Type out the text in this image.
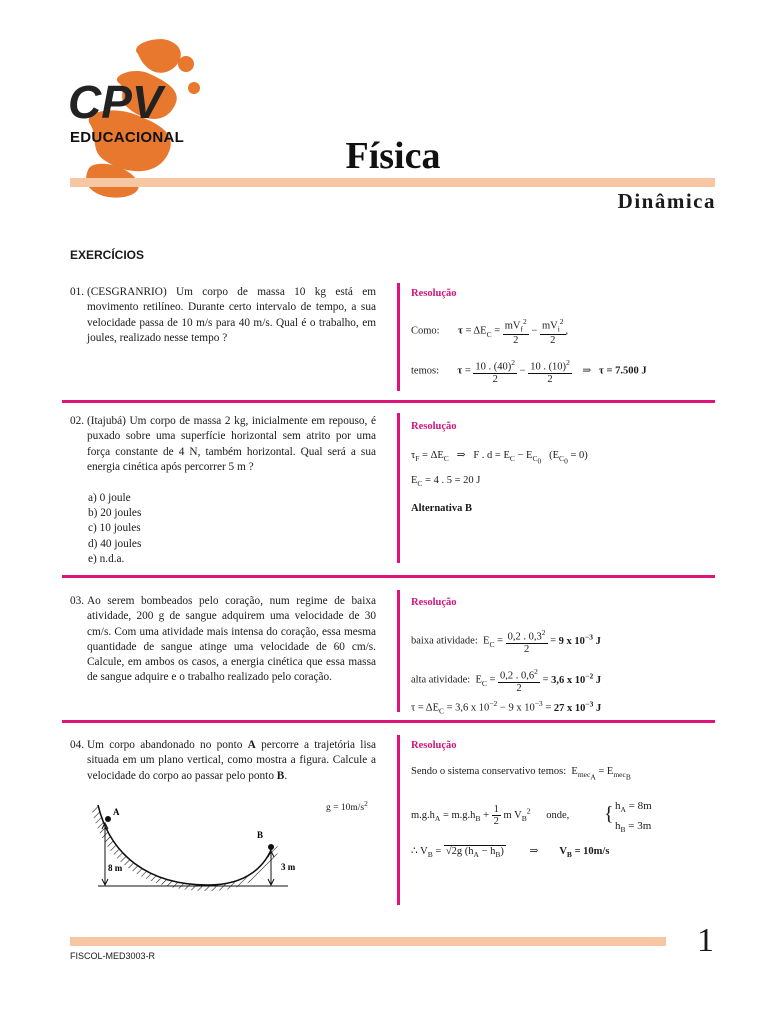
CPV
EDUCACIONAL	Física
Dinâmica
EXERCÍCIOS
01. (CESGRANRIO) Um corpo de massa 10 kg está em movimento retilíneo. Durante certo intervalo de tempo, a sua velocidade passa de 10 m/s para 40 m/s. Qual é o trabalho, em joules, realizado nesse tempo ?
Resolução
Como: $\tau = \Delta E_C = \frac{mV_f^2}{2} - \frac{mV_i^2}{2}$ ,
temos: $\tau = \frac{10 . (40)^2}{2} - \frac{10 . (10)^2}{2}$ ⇒   τ = 7.500 J
02. (Itajubá) Um corpo de massa 2 kg, inicialmente em repouso, é puxado sobre uma superfície horizontal sem atrito por uma força constante de 4 N, também horizontal. Qual será a sua energia cinética após percorrer 5 m ?
a) 0 joule
b) 20 joules
c) 10 joules
d) 40 joules
e) n.d.a.
Resolução
$\tau_F = \Delta E_C$   ⇒   F . $d = E_C - E_{C_0}$   $(E_{C_0} = 0)$
$E_C = 4$ . 5 = 20 J
Alternativa B
03. Ao serem bombeados pelo coração, num regime de baixa atividade, 200 g de sangue adquirem uma velocidade de 30 cm/s. Com uma atividade mais intensa do coração, essa mesma quantidade de sangue atinge uma velocidade de 60 cm/s. Calcule, em ambos os casos, a energia cinética que essa massa de sangue adquire e o trabalho realizado pelo coração.
Resolução
baixa atividade:  $E_C = \frac{0,2 . 0,3^2}{2} = 9$ x $10^{-3}$ J
alta atividade:  $E_C = \frac{0,2 . 0,6^2}{2} = 3,6$ x $10^{-2}$ J
$\tau = \Delta E_C = 3,6$ x $10^{-2} - 9$ x $10^{-3} = 27$ x $10^{-3}$ J
04. Um corpo abandonado no ponto A percorre a trajetória lisa situada em um plano vertical, como mostra a figura. Calcule a velocidade do corpo ao passar pelo ponto B.
A
8 m
B
3 m
$g = 10m/s^2$
Resolução
Sendo o sistema conservativo temos:  $E_{mec_A} = E_{mec_B}$
$m.g.h_A = m.g.h_B + \frac{1}{2}$ m $V_B^2$ onde, { $h_A = 8m$
$h_B = 3m$
∴ $V_B = √2g$ $(h_A - h_B)$         ⇒        $V_B = 10m/s$
FISCOL-MED3003-R	1
